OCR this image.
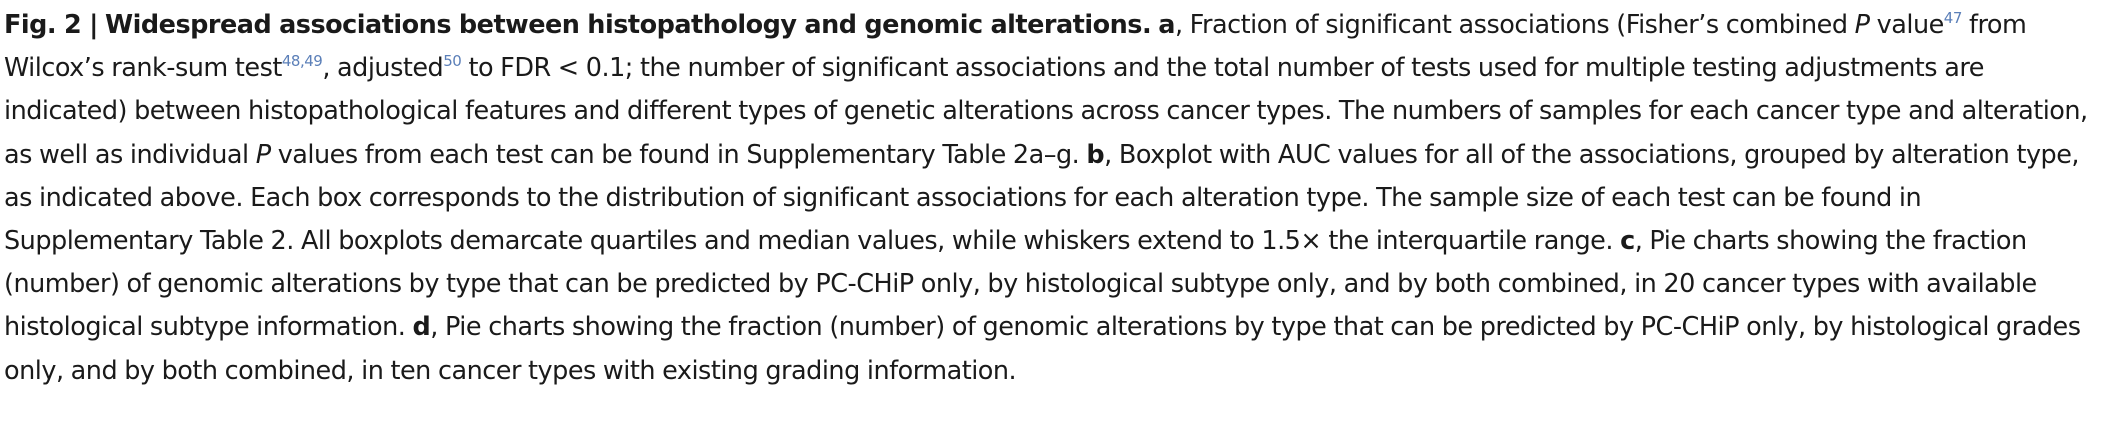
Fig. 2 | Widespread associations between histopathology and genomic alterations. a, Fraction of significant associations (Fisher’s combined P value$^{47}$ from Wilcox’s rank-sum test$^{48,49}$, adjusted$^{50}$ to FDR < 0.1; the number of significant associations and the total number of tests used for multiple testing adjustments are indicated) between histopathological features and different types of genetic alterations across cancer types. The numbers of samples for each cancer type and alteration, as well as individual P values from each test can be found in Supplementary Table 2a–g. b, Boxplot with AUC values for all of the associations, grouped by alteration type, as indicated above. Each box corresponds to the distribution of significant associations for each alteration type. The sample size of each test can be found in Supplementary Table 2. All boxplots demarcate quartiles and median values, while whiskers extend to 1.5× the interquartile range. c, Pie charts showing the fraction (number) of genomic alterations by type that can be predicted by PC-CHiP only, by histological subtype only, and by both combined, in 20 cancer types with available histological subtype information. d, Pie charts showing the fraction (number) of genomic alterations by type that can be predicted by PC-CHiP only, by histological grades only, and by both combined, in ten cancer types with existing grading information.
